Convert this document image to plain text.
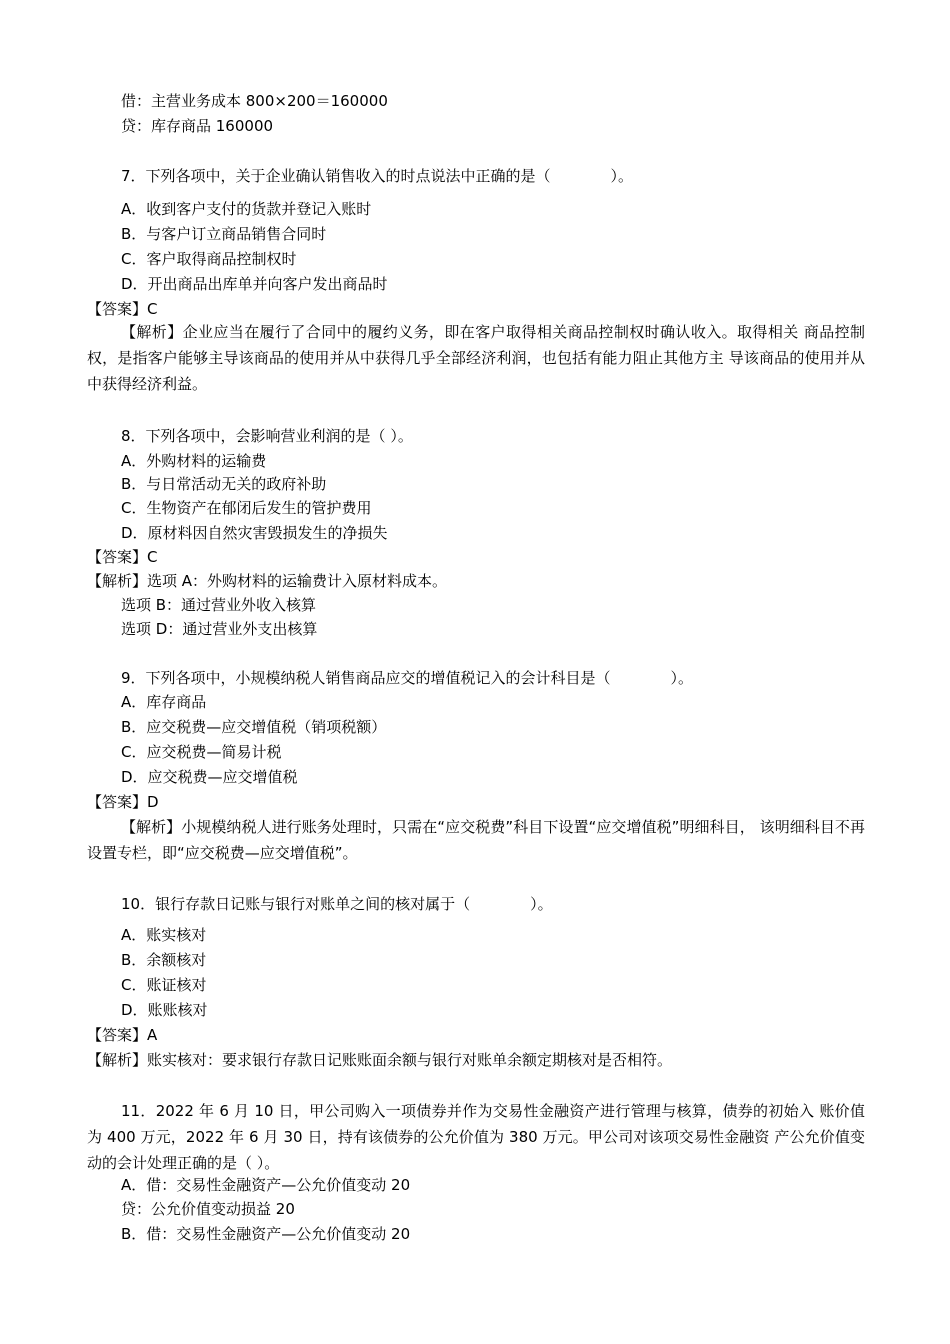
借：主营业务成本 800×200＝160000
贷：库存商品 160000
7．下列各项中，关于企业确认销售收入的时点说法中正确的是（　　　　）。
A．收到客户支付的货款并登记入账时
B．与客户订立商品销售合同时
C．客户取得商品控制权时
D．开出商品出库单并向客户发出商品时
【答案】C
【解析】企业应当在履行了合同中的履约义务，即在客户取得相关商品控制权时确认收入。取得相关 商品控制权，是指客户能够主导该商品的使用并从中获得几乎全部经济利润，也包括有能力阻止其他方主 导该商品的使用并从中获得经济利益。
8．下列各项中，会影响营业利润的是（ ）。
A．外购材料的运输费
B．与日常活动无关的政府补助
C．生物资产在郁闭后发生的管护费用
D．原材料因自然灾害毁损发生的净损失
【答案】C
【解析】选项 A：外购材料的运输费计入原材料成本。
选项 B：通过营业外收入核算
选项 D：通过营业外支出核算
9．下列各项中，小规模纳税人销售商品应交的增值税记入的会计科目是（　　　　）。
A．库存商品
B．应交税费—应交增值税（销项税额）
C．应交税费—简易计税
D．应交税费—应交增值税
【答案】D
【解析】小规模纳税人进行账务处理时，只需在“应交税费”科目下设置“应交增值税”明细科目， 该明细科目不再设置专栏，即“应交税费—应交增值税”。
10．银行存款日记账与银行对账单之间的核对属于（　　　　）。
A．账实核对
B．余额核对
C．账证核对
D．账账核对
【答案】A
【解析】账实核对：要求银行存款日记账账面余额与银行对账单余额定期核对是否相符。
11．2022 年 6 月 10 日，甲公司购入一项债券并作为交易性金融资产进行管理与核算，债券的初始入 账价值为 400 万元，2022 年 6 月 30 日，持有该债券的公允价值为 380 万元。甲公司对该项交易性金融资 产公允价值变动的会计处理正确的是（ ）。
A．借：交易性金融资产—公允价值变动 20
贷：公允价值变动损益 20
B．借：交易性金融资产—公允价值变动 20
